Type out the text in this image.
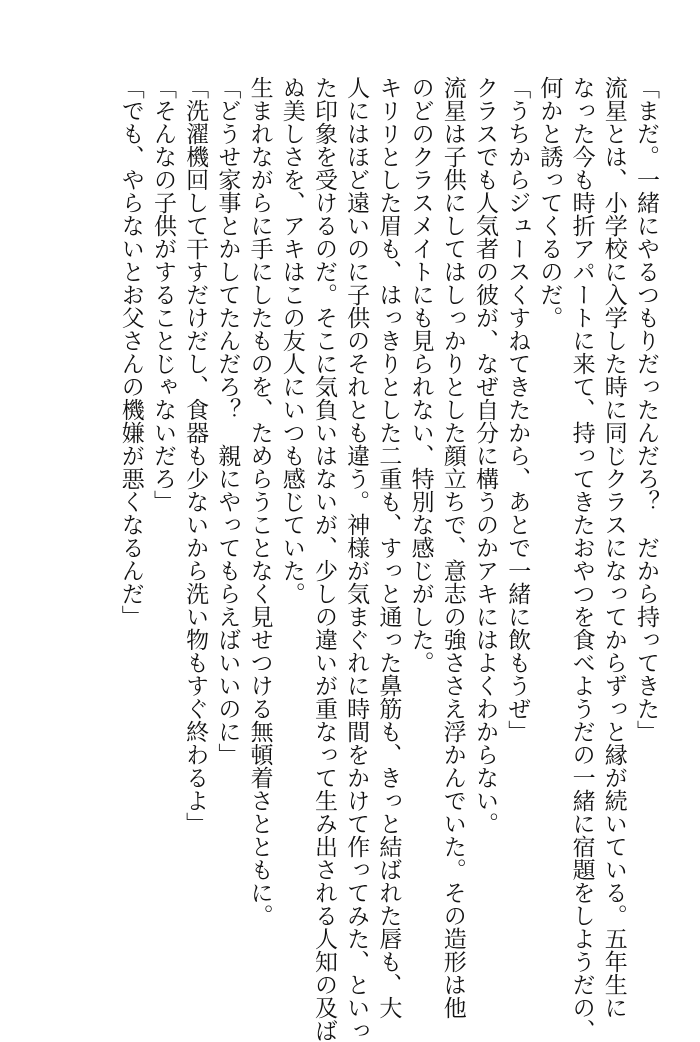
「まだ。一緒にやるつもりだったんだろ？　だから持ってきた」
流星とは、小学校に入学した時に同じクラスになってからずっと縁が続いている。五年生に
なった今も時折アパートに来て、持ってきたおやつを食べようだの一緒に宿題をしようだの、
何かと誘ってくるのだ。
「うちからジュースくすねてきたから、あとで一緒に飲もうぜ」
クラスでも人気者の彼が、なぜ自分に構うのかアキにはよくわからない。
流星は子供にしてはしっかりとした顔立ちで、意志の強ささえ浮かんでいた。その造形は他
のどのクラスメイトにも見られない、特別な感じがした。
キリリとした眉も、はっきりとした二重も、すっと通った鼻筋も、きっと結ばれた唇も、大
人にはほど遠いのに子供のそれとも違う。神様が気まぐれに時間をかけて作ってみた、といっ
た印象を受けるのだ。そこに気負いはないが、少しの違いが重なって生み出される人知の及ば
ぬ美しさを、アキはこの友人にいつも感じていた。
生まれながらに手にしたものを、ためらうことなく見せつける無頓着さとともに。
「どうせ家事とかしてたんだろ？　親にやってもらえばいいのに」
「洗濯機回して干すだけだし、食器も少ないから洗い物もすぐ終わるよ」
「そんなの子供がすることじゃないだろ」
「でも、やらないとお父さんの機嫌が悪くなるんだ」
